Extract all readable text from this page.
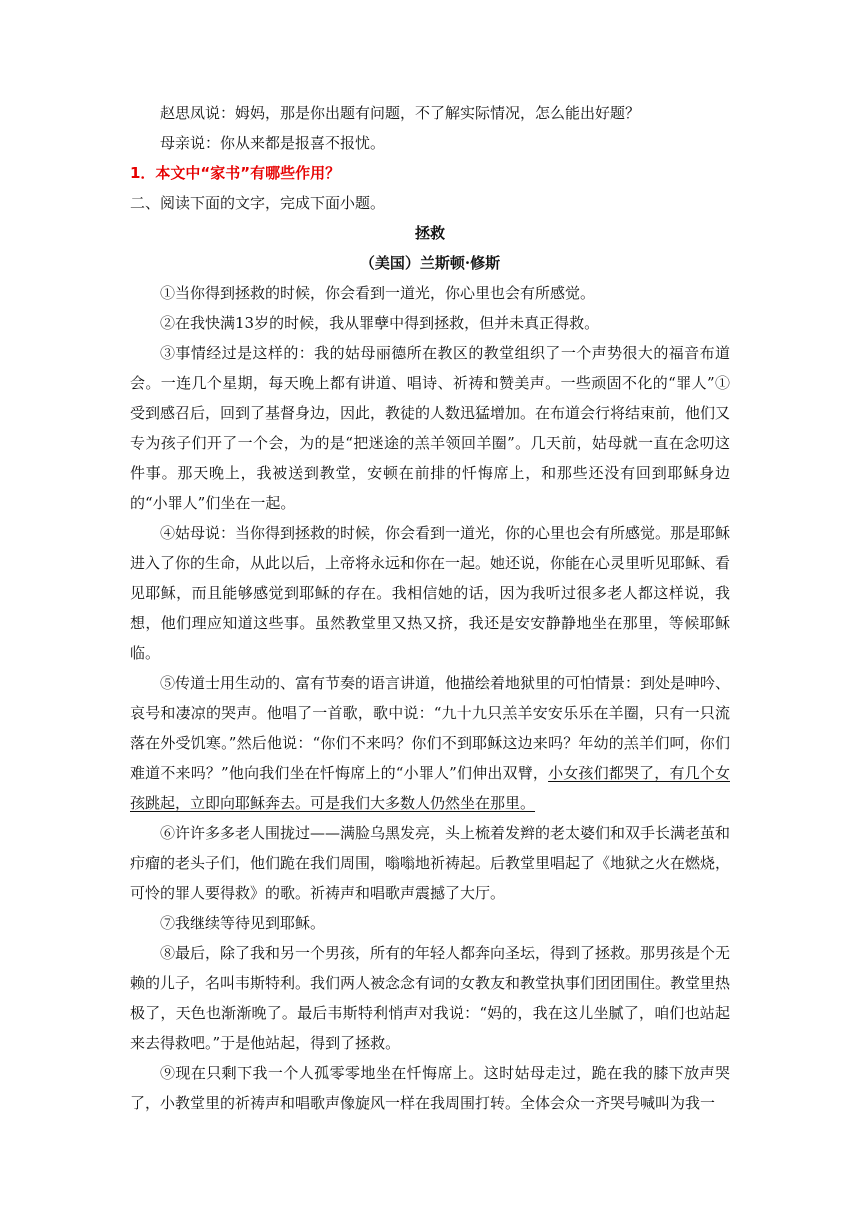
赵思凤说：姆妈，那是你出题有问题，不了解实际情况，怎么能出好题？

母亲说：你从来都是报喜不报忧。

1．本文中“家书”有哪些作用？

二、阅读下面的文字，完成下面小题。

拯救

（美国）兰斯顿·修斯

①当你得到拯救的时候，你会看到一道光，你心里也会有所感觉。

②在我快满13岁的时候，我从罪孽中得到拯救，但并未真正得救。

③事情经过是这样的：我的姑母丽德所在教区的教堂组织了一个声势很大的福音布道会。一连几个星期，每天晚上都有讲道、唱诗、祈祷和赞美声。一些顽固不化的“罪人”①受到感召后，回到了基督身边，因此，教徒的人数迅猛增加。在布道会行将结束前，他们又专为孩子们开了一个会，为的是“把迷途的羔羊领回羊圈”。几天前，姑母就一直在念叨这件事。那天晚上，我被送到教堂，安顿在前排的忏悔席上，和那些还没有回到耶稣身边的“小罪人”们坐在一起。

④姑母说：当你得到拯救的时候，你会看到一道光，你的心里也会有所感觉。那是耶稣进入了你的生命，从此以后，上帝将永远和你在一起。她还说，你能在心灵里听见耶稣、看见耶稣，而且能够感觉到耶稣的存在。我相信她的话，因为我听过很多老人都这样说，我想，他们理应知道这些事。虽然教堂里又热又挤，我还是安安静静地坐在那里，等候耶稣临。

⑤传道士用生动的、富有节奏的语言讲道，他描绘着地狱里的可怕情景：到处是呻吟、哀号和凄凉的哭声。他唱了一首歌，歌中说：“九十九只羔羊安安乐乐在羊圈，只有一只流落在外受饥寒。”然后他说：“你们不来吗？你们不到耶稣这边来吗？年幼的羔羊们呵，你们难道不来吗？”他向我们坐在忏悔席上的“小罪人”们伸出双臂，小女孩们都哭了，有几个女孩跳起，立即向耶稣奔去。可是我们大多数人仍然坐在那里。

⑥许许多多老人围拢过——满脸乌黑发亮，头上梳着发辫的老太婆们和双手长满老茧和疖瘤的老头子们，他们跪在我们周围，嗡嗡地祈祷起。后教堂里唱起了《地狱之火在燃烧，可怜的罪人要得救》的歌。祈祷声和唱歌声震撼了大厅。

⑦我继续等待见到耶稣。

⑧最后，除了我和另一个男孩，所有的年轻人都奔向圣坛，得到了拯救。那男孩是个无赖的儿子，名叫韦斯特利。我们两人被念念有词的女教友和教堂执事们团团围住。教堂里热极了，天色也渐渐晚了。最后韦斯特利悄声对我说：“妈的，我在这儿坐腻了，咱们也站起来去得救吧。”于是他站起，得到了拯救。

⑨现在只剩下我一个人孤零零地坐在忏悔席上。这时姑母走过，跪在我的膝下放声哭了，小教堂里的祈祷声和唱歌声像旋风一样在我周围打转。全体会众一齐哭号喊叫为我一
